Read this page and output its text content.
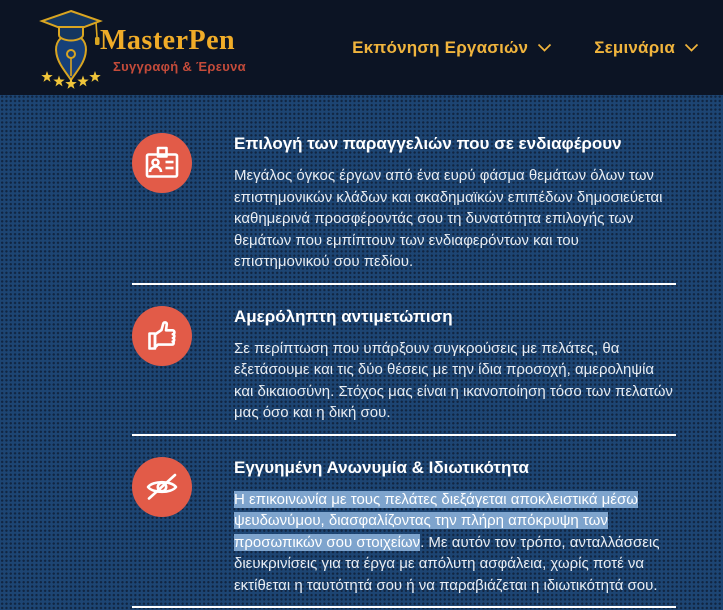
MasterPen
Συγγραφή & Έρευνα
Εκπόνηση Εργασιών	Σεμινάρια
Επιλογή των παραγγελιών που σε ενδιαφέρουν

Μεγάλος όγκος έργων από ένα ευρύ φάσμα θεμάτων όλων των επιστημονικών κλάδων και ακαδημαϊκών επιπέδων δημοσιεύεται καθημερινά προσφέροντάς σου τη δυνατότητα επιλογής των θεμάτων που εμπίπτουν των ενδιαφερόντων και του επιστημονικού σου πεδίου.

Αμερόληπτη αντιμετώπιση

Σε περίπτωση που υπάρξουν συγκρούσεις με πελάτες, θα εξετάσουμε και τις δύο θέσεις με την ίδια προσοχή, αμεροληψία και δικαιοσύνη. Στόχος μας είναι η ικανοποίηση τόσο των πελατών μας όσο και η δική σου.

Εγγυημένη Ανωνυμία & Ιδιωτικότητα

Η επικοινωνία με τους πελάτες διεξάγεται αποκλειστικά μέσω ψευδωνύμου, διασφαλίζοντας την πλήρη απόκρυψη των προσωπικών σου στοιχείων. Με αυτόν τον τρόπο, ανταλλάσσεις διευκρινίσεις για τα έργα με απόλυτη ασφάλεια, χωρίς ποτέ να εκτίθεται η ταυτότητά σου ή να παραβιάζεται η ιδιωτικότητά σου.
